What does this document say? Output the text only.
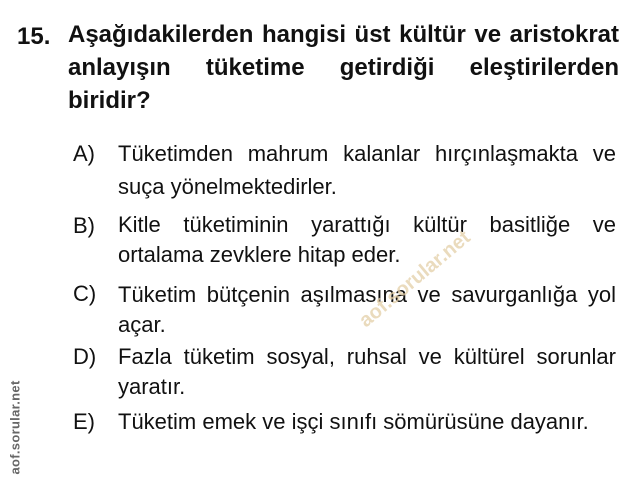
15. Aşağıdakilerden hangisi üst kültür ve aristokrat anlayışın tüketime getirdiği eleştirilerden biridir?
A) Tüketimden mahrum kalanlar hırçınlaşmakta ve suça yönelmektedirler.
B) Kitle tüketiminin yarattığı kültür basitliğe ve ortalama zevklere hitap eder.
C) Tüketim bütçenin aşılmasına ve savurganlığa yol açar.
D) Fazla tüketim sosyal, ruhsal ve kültürel sorunlar yaratır.
E) Tüketim emek ve işçi sınıfı sömürüsüne dayanır.
aof.sorular.net
aof.sorular.net
